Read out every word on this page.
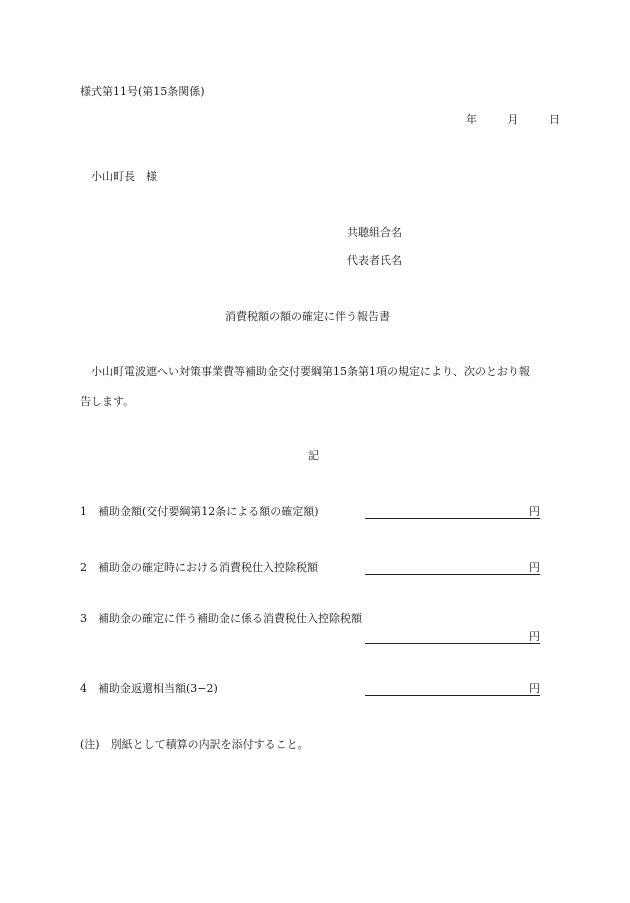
様式第11号(第15条関係)
年	月	日
小山町長　様
共聴組合名
代表者氏名
消費税額の額の確定に伴う報告書
小山町電波遮へい対策事業費等補助金交付要綱第15条第1項の規定により、次のとおり報
告します。
記
1 補助金額(交付要綱第12条による額の確定額)	円
2 補助金の確定時における消費税仕入控除税額	円
3 補助金の確定に伴う補助金に係る消費税仕入控除税額
円
4 補助金返還相当額(3−2)	円
(注)　別紙として積算の内訳を添付すること。
